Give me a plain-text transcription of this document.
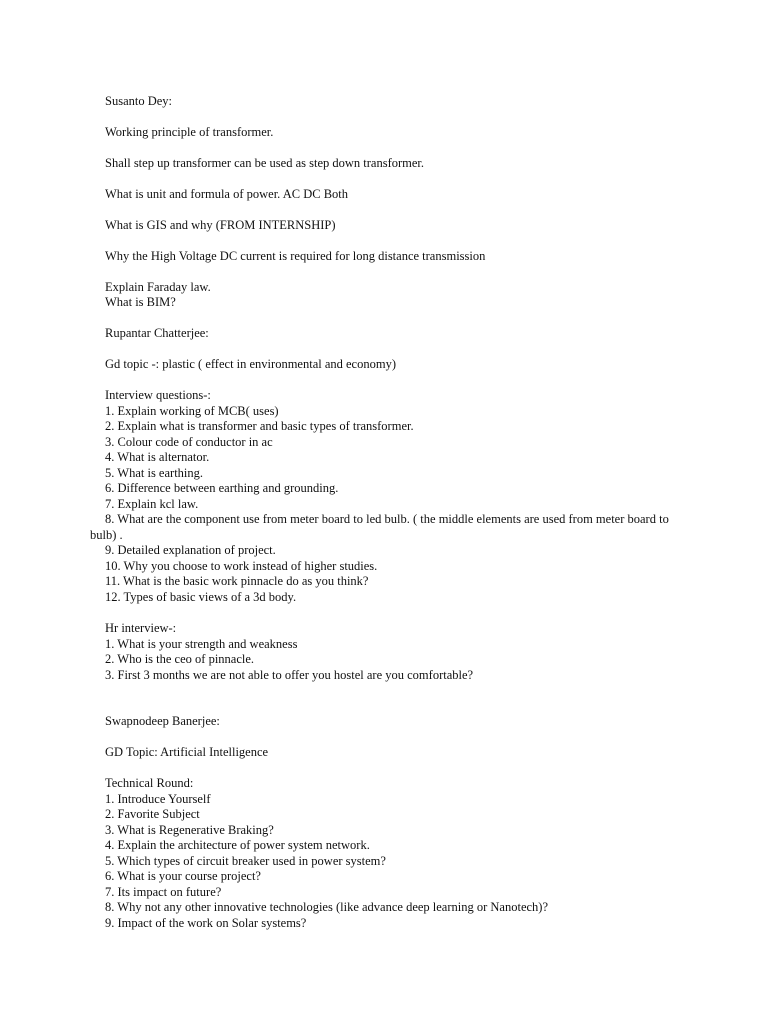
Susanto Dey:
Working principle of transformer.
Shall step up transformer can be used as step down transformer.
What is unit and formula of power. AC DC Both
What is GIS and why (FROM INTERNSHIP)
Why the High Voltage DC current is required for long distance transmission
Explain Faraday law.
What is BIM?
Rupantar Chatterjee:
Gd topic -: plastic ( effect in environmental and economy)
Interview questions-:
1. Explain working of MCB( uses)
2. Explain what is transformer and basic types of transformer.
3. Colour code of conductor in ac
4. What is alternator.
5. What is earthing.
6. Difference between earthing and grounding.
7. Explain kcl law.
8. What are the component use from meter board to led bulb. ( the middle elements are used from meter board to
bulb) .
9. Detailed explanation of project.
10. Why you choose to work instead of higher studies.
11. What is the basic work pinnacle do as you think?
12. Types of basic views of a 3d body.
Hr interview-:
1. What is your strength and weakness
2. Who is the ceo of pinnacle.
3. First 3 months we are not able to offer you hostel are you comfortable?
Swapnodeep Banerjee:
GD Topic: Artificial Intelligence
Technical Round:
1. Introduce Yourself
2. Favorite Subject
3. What is Regenerative Braking?
4. Explain the architecture of power system network.
5. Which types of circuit breaker used in power system?
6. What is your course project?
7. Its impact on future?
8. Why not any other innovative technologies (like advance deep learning or Nanotech)?
9. Impact of the work on Solar systems?
